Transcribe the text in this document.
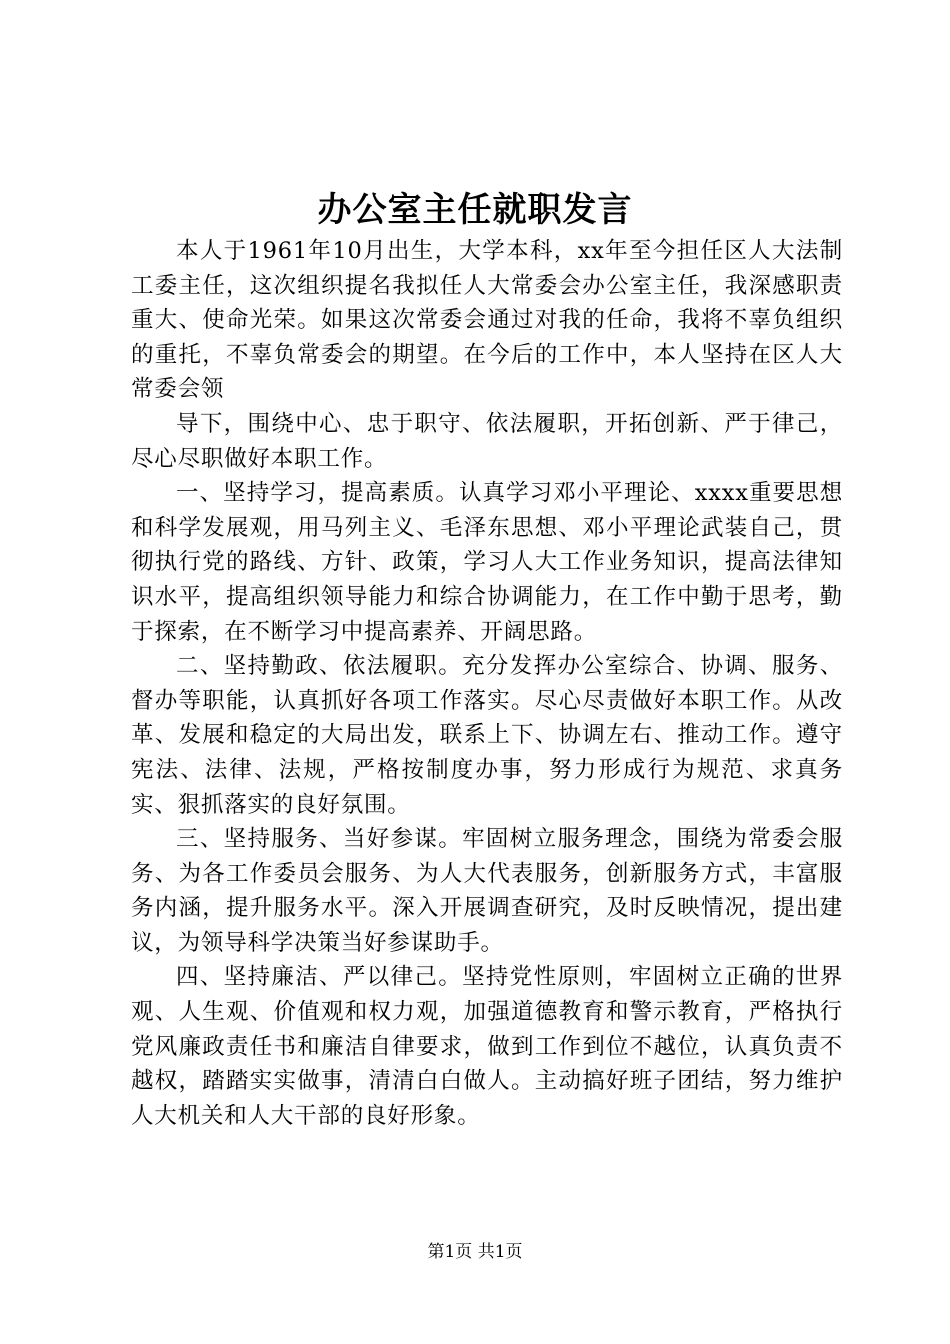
办公室主任就职发言

本人于1961年10月出生，大学本科，xx年至今担任区人大法制工委主任，这次组织提名我拟任人大常委会办公室主任，我深感职责重大、使命光荣。如果这次常委会通过对我的任命，我将不辜负组织的重托，不辜负常委会的期望。在今后的工作中，本人坚持在区人大常委会领

导下，围绕中心、忠于职守、依法履职，开拓创新、严于律己，尽心尽职做好本职工作。

一、坚持学习，提高素质。认真学习邓小平理论、xxxx重要思想和科学发展观，用马列主义、毛泽东思想、邓小平理论武装自己，贯彻执行党的路线、方针、政策，学习人大工作业务知识，提高法律知识水平，提高组织领导能力和综合协调能力，在工作中勤于思考，勤于探索，在不断学习中提高素养、开阔思路。

二、坚持勤政、依法履职。充分发挥办公室综合、协调、服务、督办等职能，认真抓好各项工作落实。尽心尽责做好本职工作。从改革、发展和稳定的大局出发，联系上下、协调左右、推动工作。遵守宪法、法律、法规，严格按制度办事，努力形成行为规范、求真务实、狠抓落实的良好氛围。

三、坚持服务、当好参谋。牢固树立服务理念，围绕为常委会服务、为各工作委员会服务、为人大代表服务，创新服务方式，丰富服务内涵，提升服务水平。深入开展调查研究，及时反映情况，提出建议，为领导科学决策当好参谋助手。

四、坚持廉洁、严以律己。坚持党性原则，牢固树立正确的世界观、人生观、价值观和权力观，加强道德教育和警示教育，严格执行党风廉政责任书和廉洁自律要求，做到工作到位不越位，认真负责不越权，踏踏实实做事，清清白白做人。主动搞好班子团结，努力维护人大机关和人大干部的良好形象。

第1页 共1页
